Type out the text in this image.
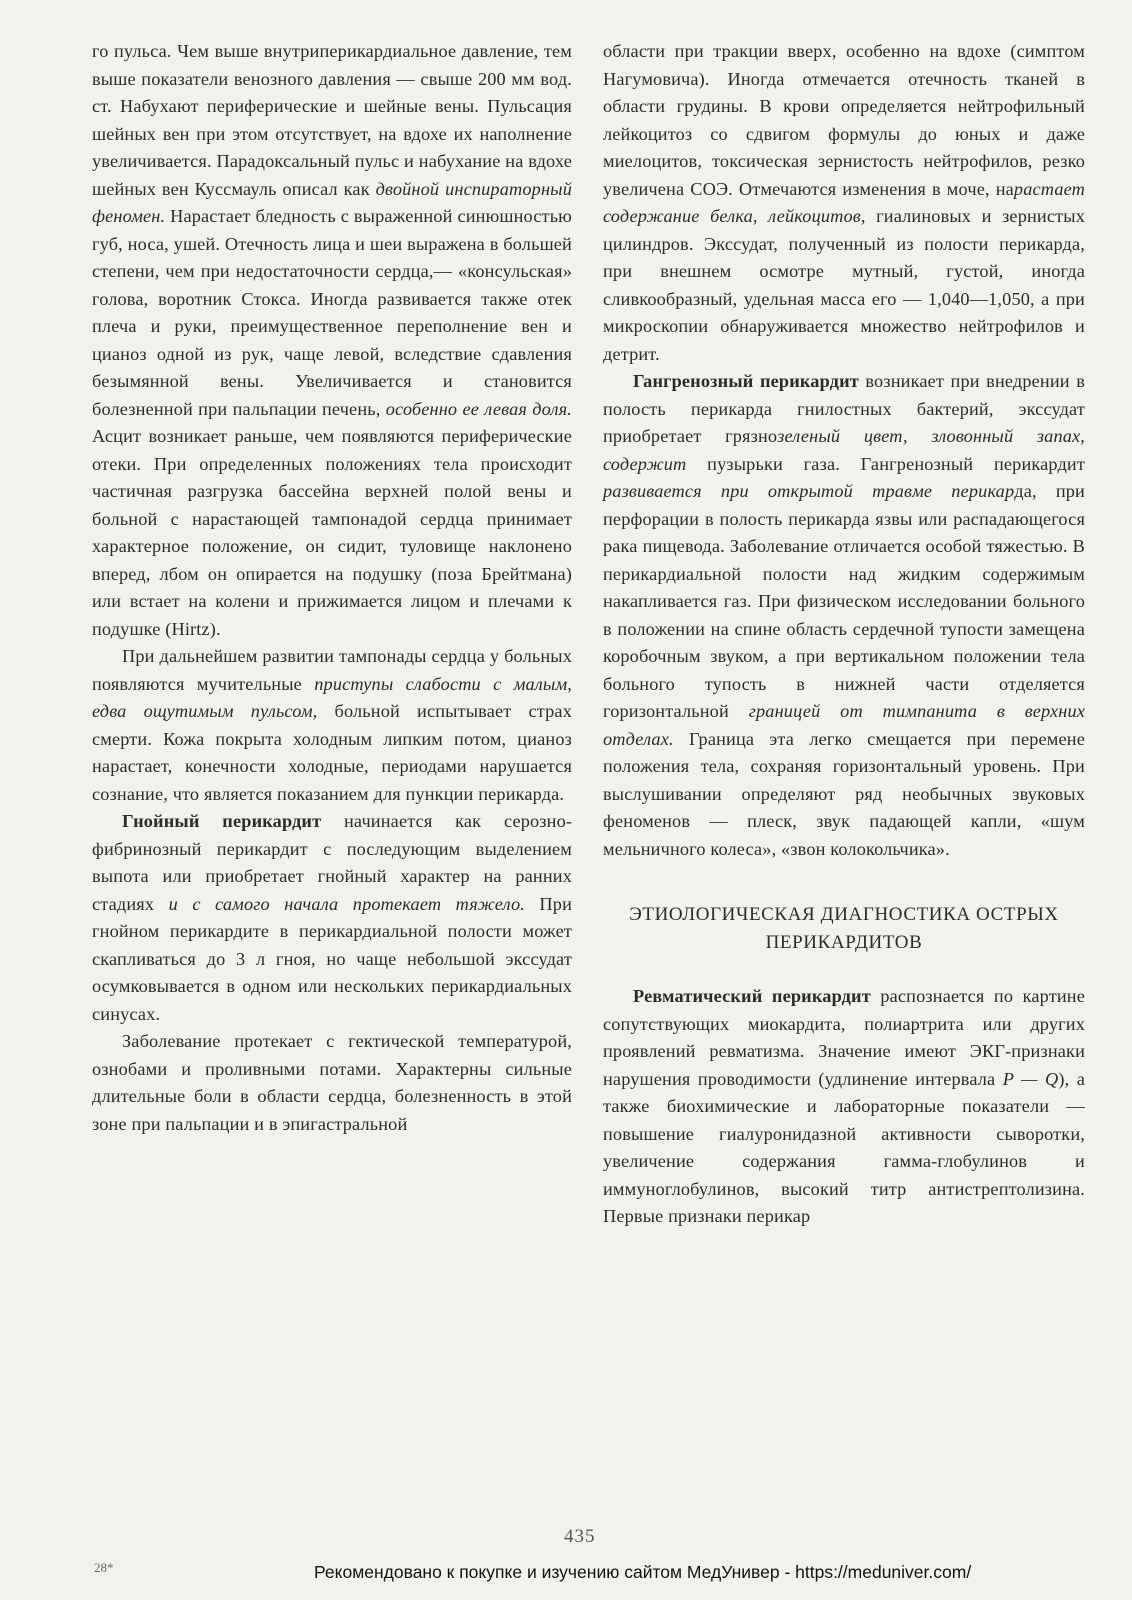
го пульса. Чем выше внутриперикардиальное давление, тем выше показатели венозного давления — свыше 200 мм вод. ст. Набухают периферические и шейные вены. Пульсация шейных вен при этом отсутствует, на вдохе их наполнение увеличивается. Парадоксальный пульс и набухание на вдохе шейных вен Куссмауль описал как двойной инспираторный феномен. Нарастает бледность с выраженной синюшностью губ, носа, ушей. Отечность лица и шеи выражена в большей степени, чем при недостаточности сердца,— «консульская» голова, воротник Стокса. Иногда развивается также отек плеча и руки, преимущественное переполнение вен и цианоз одной из рук, чаще левой, вследствие сдавления безымянной вены. Увеличивается и становится болезненной при пальпации печень, особенно ее левая доля. Асцит возникает раньше, чем появляются периферические отеки. При определенных положениях тела происходит частичная разгрузка бассейна верхней полой вены и больной с нарастающей тампонадой сердца принимает характерное положение, он сидит, туловище наклонено вперед, лбом он опирается на подушку (поза Брейтмана) или встает на колени и прижимается лицом и плечами к подушке (Hirtz).

При дальнейшем развитии тампонады сердца у больных появляются мучительные приступы слабости с малым, едва ощутимым пульсом, больной испытывает страх смерти. Кожа покрыта холодным липким потом, цианоз нарастает, конечности холодные, периодами нарушается сознание, что является показанием для пункции перикарда.

Гнойный перикардит начинается как серознофибринозный перикардит с последующим выделением выпота или приобретает гнойный характер на ранних стадиях и с самого начала протекает тяжело. При гнойном перикардите в перикардиальной полости может скапливаться до 3 л гноя, но чаще небольшой экссудат осумковывается в одном или нескольких перикардиальных синусах.

Заболевание протекает с гектической температурой, ознобами и проливными потами. Характерны сильные длительные боли в области сердца, болезненность в этой зоне при пальпации и в эпигастральной

области при тракции вверх, особенно на вдохе (симптом Нагумовича). Иногда отмечается отечность тканей в области грудины. В крови определяется нейтрофильный лейкоцитоз со сдвигом формулы до юных и даже миелоцитов, токсическая зернистость нейтрофилов, резко увеличена СОЭ. Отмечаются изменения в моче, нарастает содержание белка, лейкоцитов, гиалиновых и зернистых цилиндров. Экссудат, полученный из полости перикарда, при внешнем осмотре мутный, густой, иногда сливкообразный, удельная масса его — 1,040—1,050, а при микроскопии обнаруживается множество нейтрофилов и детрит.

Гангренозный перикардит возникает при внедрении в полость перикарда гнилостных бактерий, экссудат приобретает грязнозеленый цвет, зловонный запах, содержит пузырьки газа. Гангренозный перикардит развивается при открытой травме перикарда, при перфорации в полость перикарда язвы или распадающегося рака пищевода. Заболевание отличается особой тяжестью. В перикардиальной полости над жидким содержимым накапливается газ. При физическом исследовании больного в положении на спине область сердечной тупости замещена коробочным звуком, а при вертикальном положении тела больного тупость в нижней части отделяется горизонтальной границей от тимпанита в верхних отделах. Граница эта легко смещается при перемене положения тела, сохраняя горизонтальный уровень. При выслушивании определяют ряд необычных звуковых феноменов — плеск, звук падающей капли, «шум мельничного колеса», «звон колокольчика».

ЭТИОЛОГИЧЕСКАЯ ДИАГНОСТИКА ОСТРЫХ ПЕРИКАРДИТОВ

Ревматический перикардит распознается по картине сопутствующих миокардита, полиартрита или других проявлений ревматизма. Значение имеют ЭКГ-признаки нарушения проводимости (удлинение интервала P — Q), а также биохимические и лабораторные показатели — повышение гиалуронидазной активности сыворотки, увеличение содержания гамма-глобулинов и иммуноглобулинов, высокий титр антистрептолизина. Первые признаки перикар

435
28*	Рекомендовано к покупке и изучению сайтом МедУнивер - https://meduniver.com/
